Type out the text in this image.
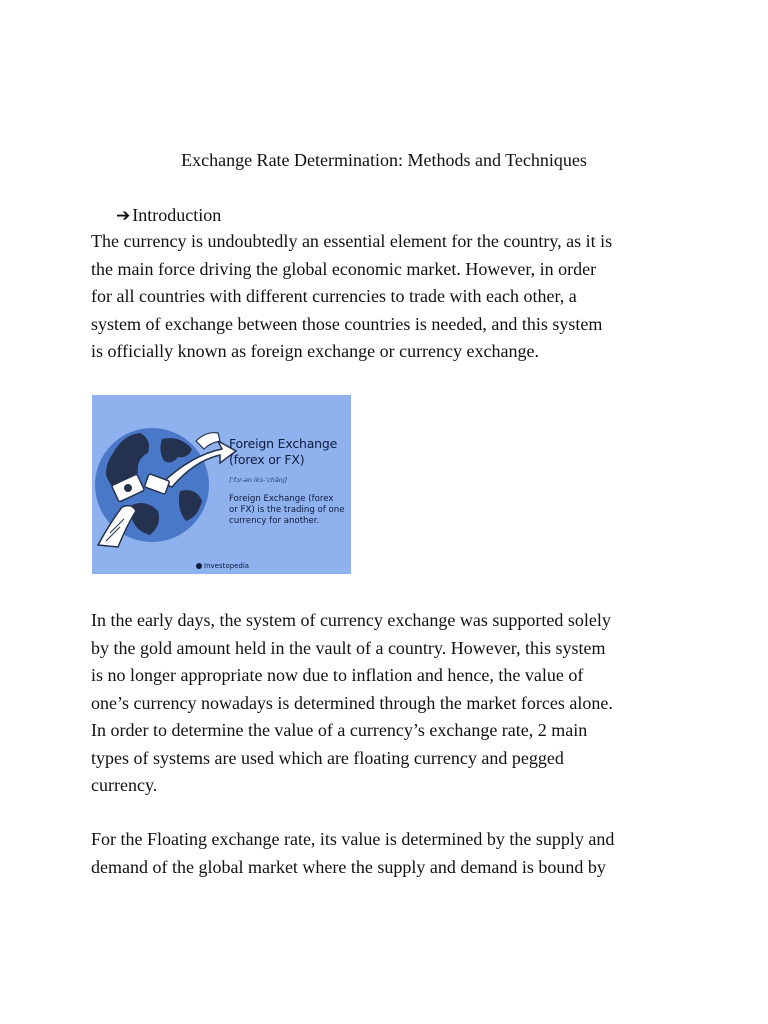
Exchange Rate Determination: Methods and Techniques
➔ Introduction
The currency is undoubtedly an essential element for the country, as it is
the main force driving the global economic market. However, in order
for all countries with different currencies to trade with each other, a
system of exchange between those countries is needed, and this system
is officially known as foreign exchange or currency exchange.
Foreign Exchange
(forex or FX)
[ˈfɔr-ən iks-ˈchānj]
Foreign Exchange (forex
or FX) is the trading of one
currency for another.
Investopedia
In the early days, the system of currency exchange was supported solely
by the gold amount held in the vault of a country. However, this system
is no longer appropriate now due to inflation and hence, the value of
one’s currency nowadays is determined through the market forces alone.
In order to determine the value of a currency’s exchange rate, 2 main
types of systems are used which are floating currency and pegged
currency.
For the Floating exchange rate, its value is determined by the supply and
demand of the global market where the supply and demand is bound by
